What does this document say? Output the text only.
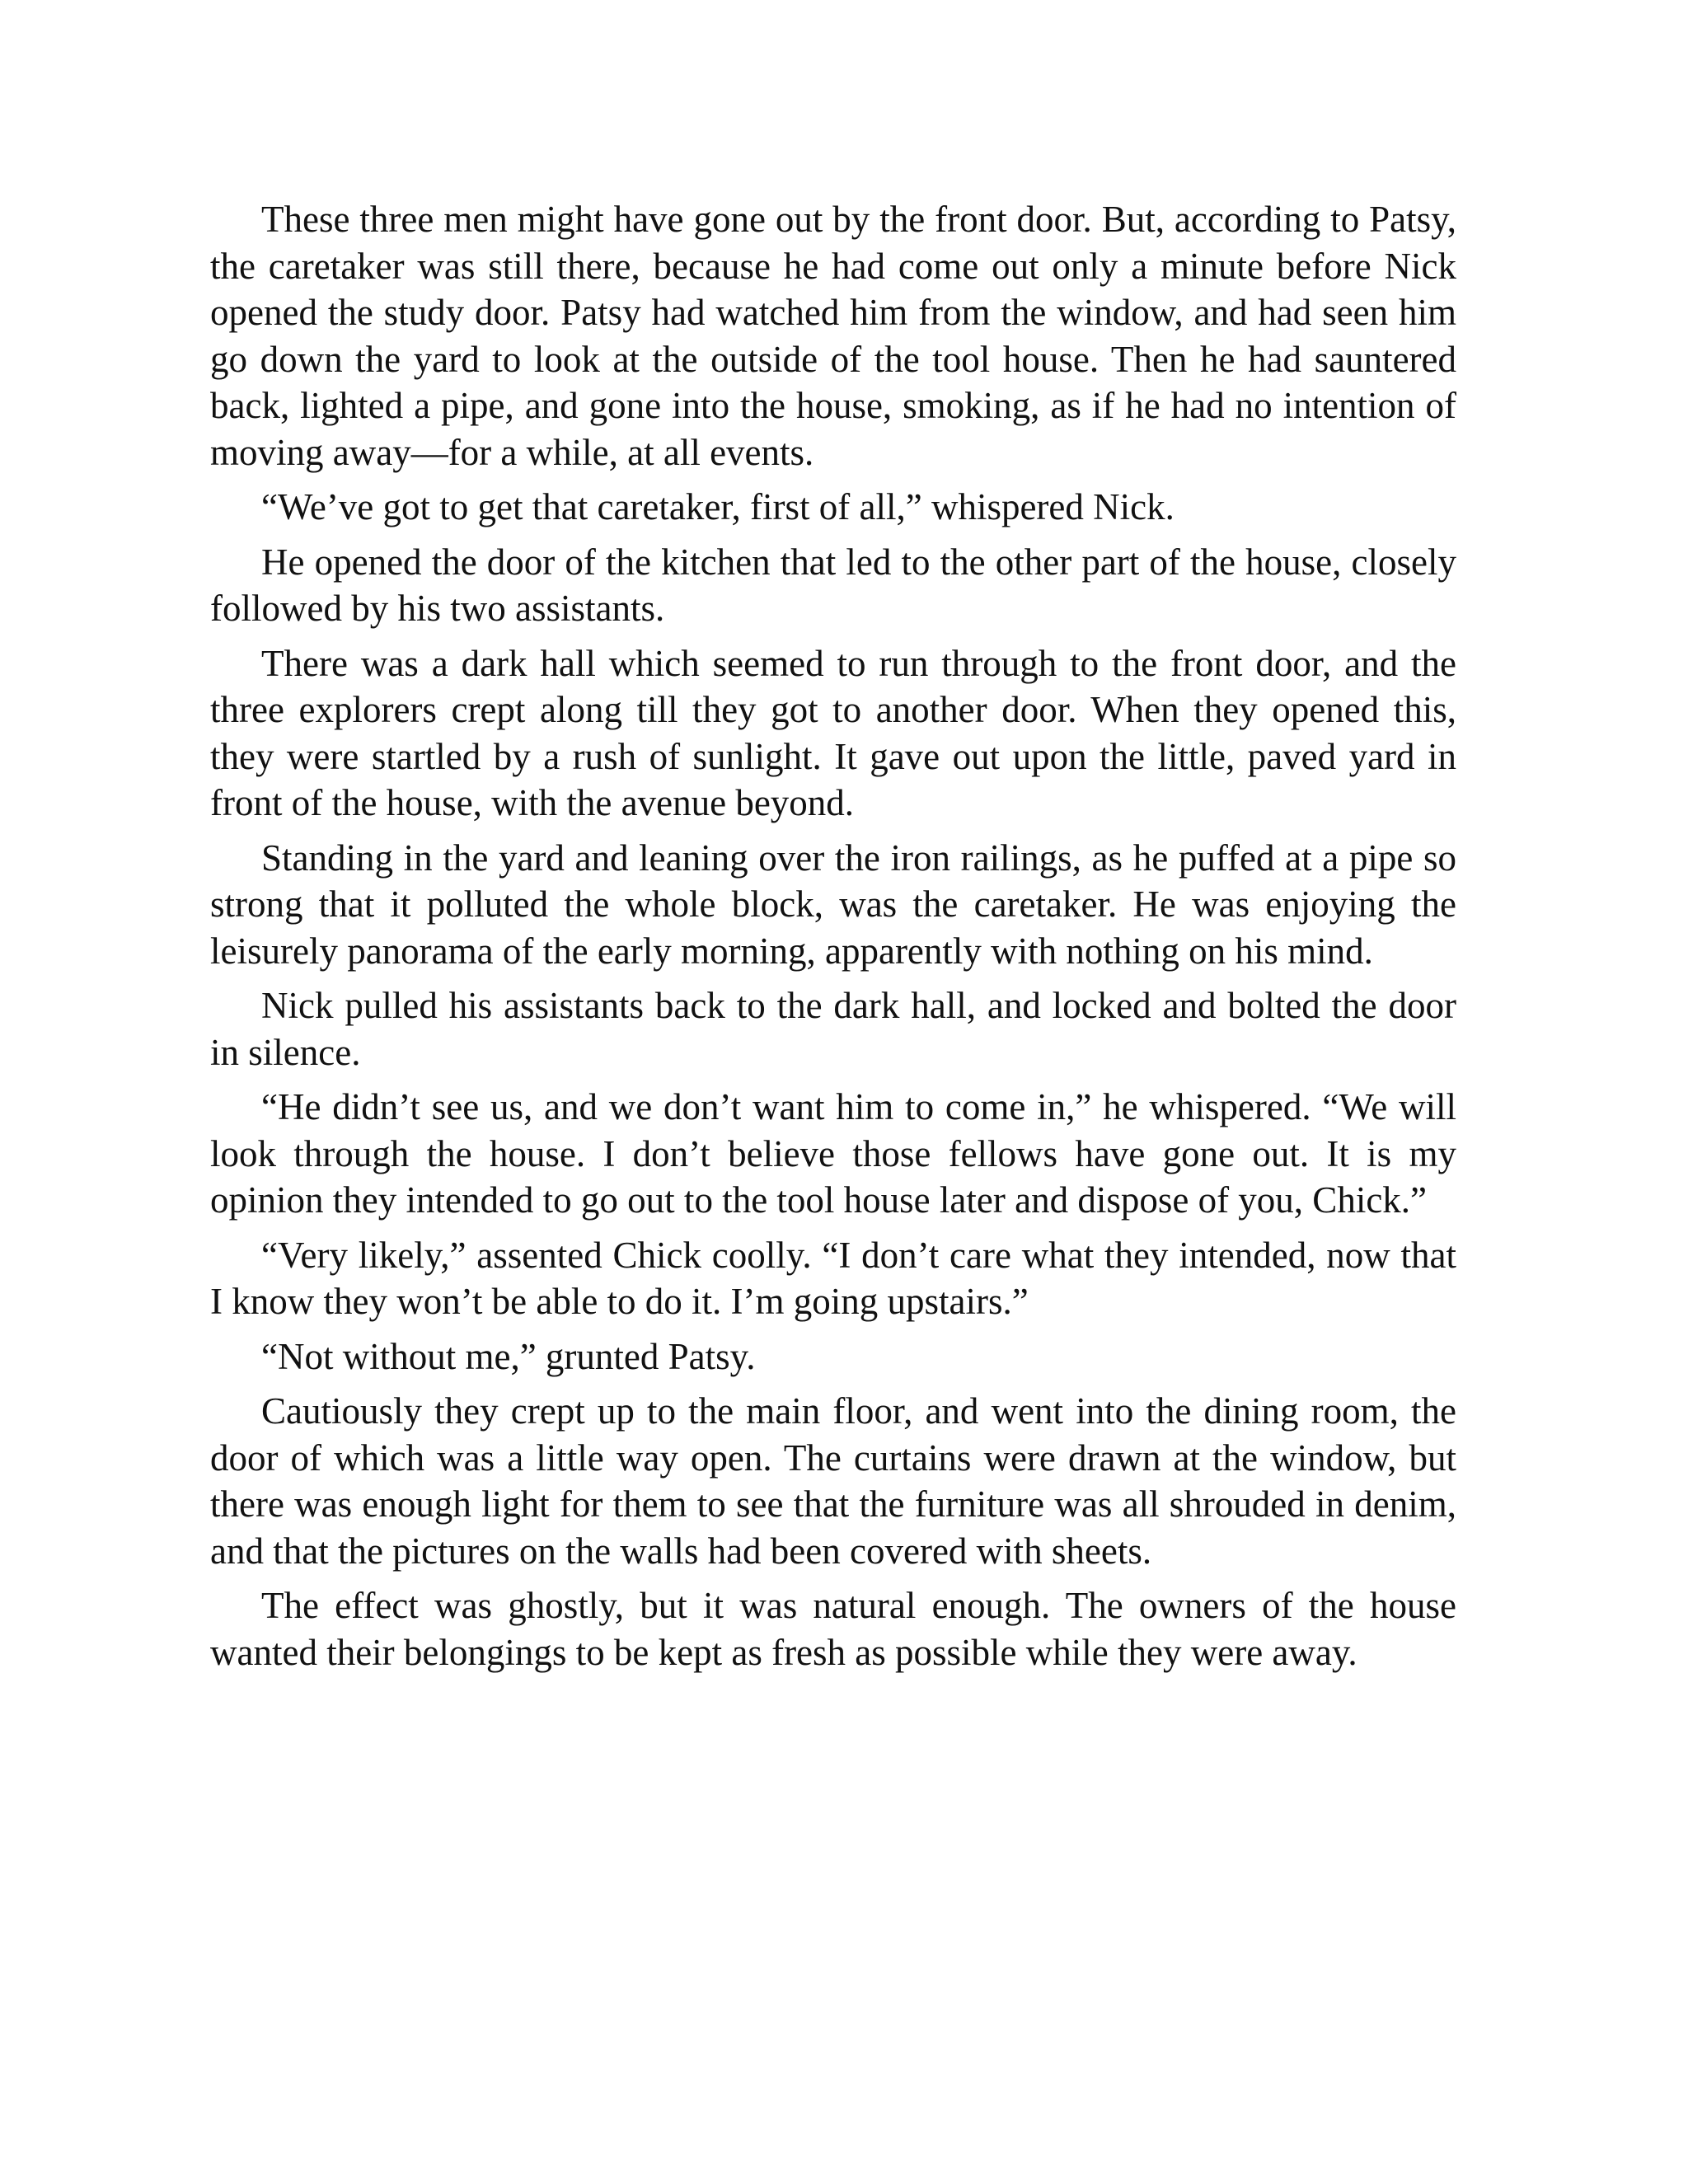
These three men might have gone out by the front door. But, according to Patsy, the caretaker was still there, because he had come out only a minute before Nick opened the study door. Patsy had watched him from the window, and had seen him go down the yard to look at the outside of the tool house. Then he had sauntered back, lighted a pipe, and gone into the house, smoking, as if he had no intention of moving away—for a while, at all events.

“We’ve got to get that caretaker, first of all,” whispered Nick.

He opened the door of the kitchen that led to the other part of the house, closely followed by his two assistants.

There was a dark hall which seemed to run through to the front door, and the three explorers crept along till they got to another door. When they opened this, they were startled by a rush of sunlight. It gave out upon the little, paved yard in front of the house, with the avenue beyond.

Standing in the yard and leaning over the iron railings, as he puffed at a pipe so strong that it polluted the whole block, was the caretaker. He was enjoying the leisurely panorama of the early morning, apparently with nothing on his mind.

Nick pulled his assistants back to the dark hall, and locked and bolted the door in silence.

“He didn’t see us, and we don’t want him to come in,” he whispered. “We will look through the house. I don’t believe those fellows have gone out. It is my opinion they intended to go out to the tool house later and dispose of you, Chick.”

“Very likely,” assented Chick coolly. “I don’t care what they intended, now that I know they won’t be able to do it. I’m going upstairs.”

“Not without me,” grunted Patsy.

Cautiously they crept up to the main floor, and went into the dining room, the door of which was a little way open. The curtains were drawn at the window, but there was enough light for them to see that the furniture was all shrouded in denim, and that the pictures on the walls had been covered with sheets.

The effect was ghostly, but it was natural enough. The owners of the house wanted their belongings to be kept as fresh as possible while they were away.
